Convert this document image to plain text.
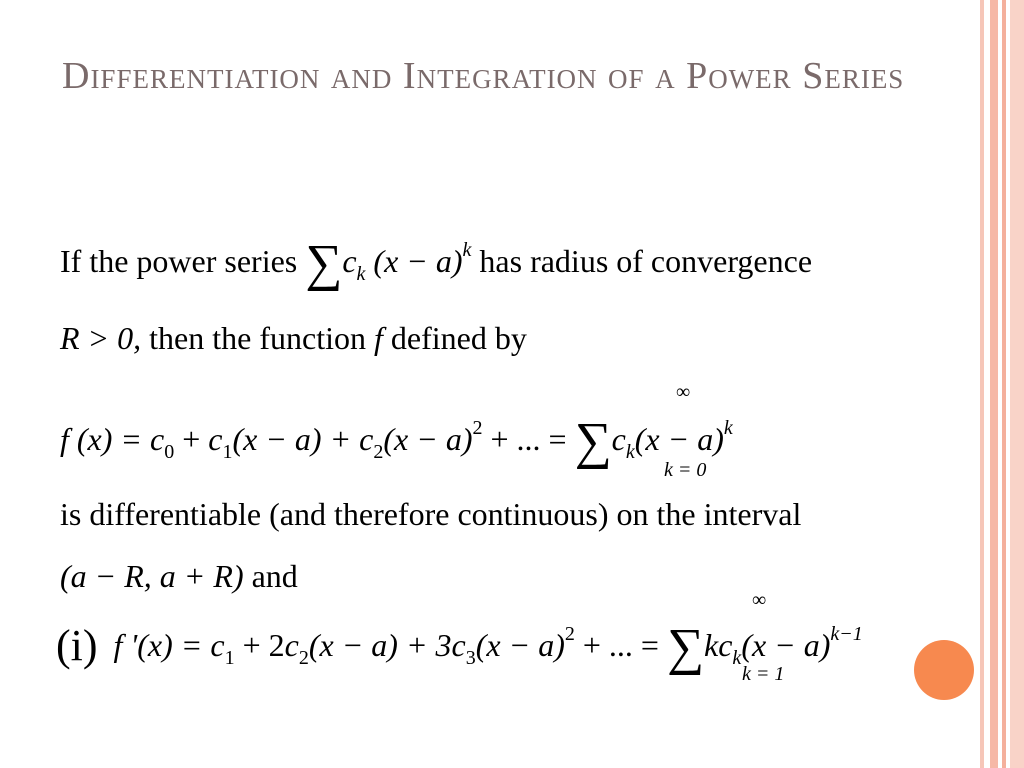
Differentiation and Integration of a Power Series
If the power series $\sum c_k$ $(x - a)^k$ has radius of convergence
R > 0, then the function f defined by
f $(x) = c_0 + c_1(x - a) + c_2(x - a)^2$ + ... = $\sum c_k(x - a)^k$
∞
k = 0
is differentiable (and therefore continuous) on the interval
(a − R, a + R) and
(i) f '$(x) = c_1 + 2c_2(x - a) + 3c_3(x - a)^2$ + ... = $\sum kc_k(x - a)^{k-1}$
∞
k = 1
